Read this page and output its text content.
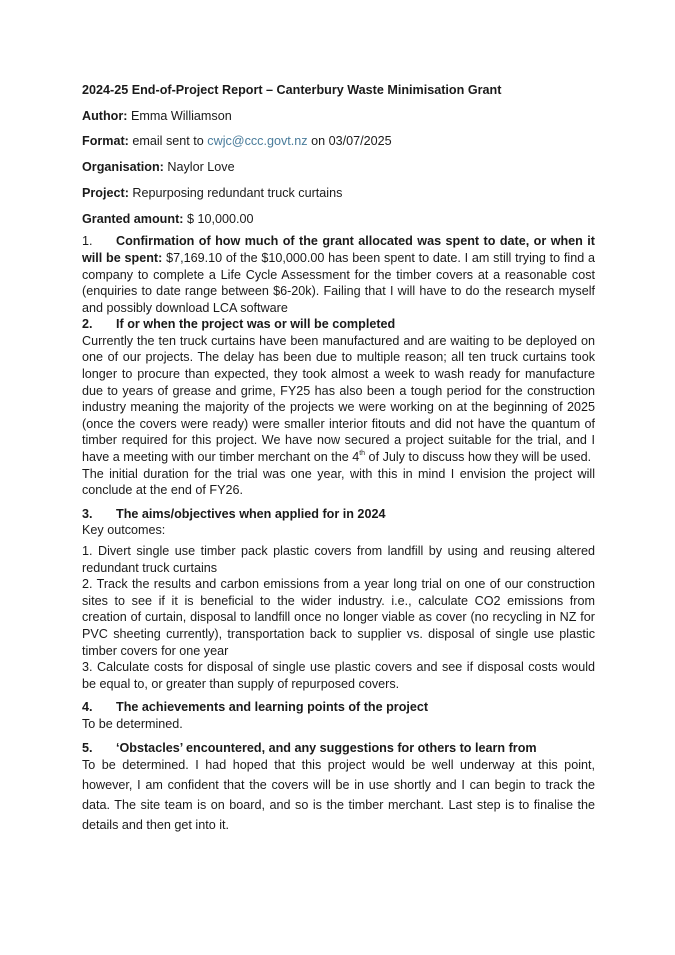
2024-25 End-of-Project Report – Canterbury Waste Minimisation Grant

Author: Emma Williamson

Format: email sent to cwjc@ccc.govt.nz on 03/07/2025

Organisation: Naylor Love

Project: Repurposing redundant truck curtains

Granted amount: $ 10,000.00

1. Confirmation of how much of the grant allocated was spent to date, or when it will be spent: $7,169.10 of the $10,000.00 has been spent to date. I am still trying to find a company to complete a Life Cycle Assessment for the timber covers at a reasonable cost (enquiries to date range between $6-20k). Failing that I will have to do the research myself and possibly download LCA software

2. If or when the project was or will be completed

Currently the ten truck curtains have been manufactured and are waiting to be deployed on one of our projects. The delay has been due to multiple reason; all ten truck curtains took longer to procure than expected, they took almost a week to wash ready for manufacture due to years of grease and grime, FY25 has also been a tough period for the construction industry meaning the majority of the projects we were working on at the beginning of 2025 (once the covers were ready) were smaller interior fitouts and did not have the quantum of timber required for this project. We have now secured a project suitable for the trial, and I have a meeting with our timber merchant on the 4th of July to discuss how they will be used.

The initial duration for the trial was one year, with this in mind I envision the project will conclude at the end of FY26.

3. The aims/objectives when applied for in 2024

Key outcomes:

1. Divert single use timber pack plastic covers from landfill by using and reusing altered redundant truck curtains

2. Track the results and carbon emissions from a year long trial on one of our construction sites to see if it is beneficial to the wider industry. i.e., calculate CO2 emissions from creation of curtain, disposal to landfill once no longer viable as cover (no recycling in NZ for PVC sheeting currently), transportation back to supplier vs. disposal of single use plastic timber covers for one year

3. Calculate costs for disposal of single use plastic covers and see if disposal costs would be equal to, or greater than supply of repurposed covers.

4. The achievements and learning points of the project

To be determined.

5. ‘Obstacles’ encountered, and any suggestions for others to learn from

To be determined. I had hoped that this project would be well underway at this point, however, I am confident that the covers will be in use shortly and I can begin to track the data. The site team is on board, and so is the timber merchant. Last step is to finalise the details and then get into it.
